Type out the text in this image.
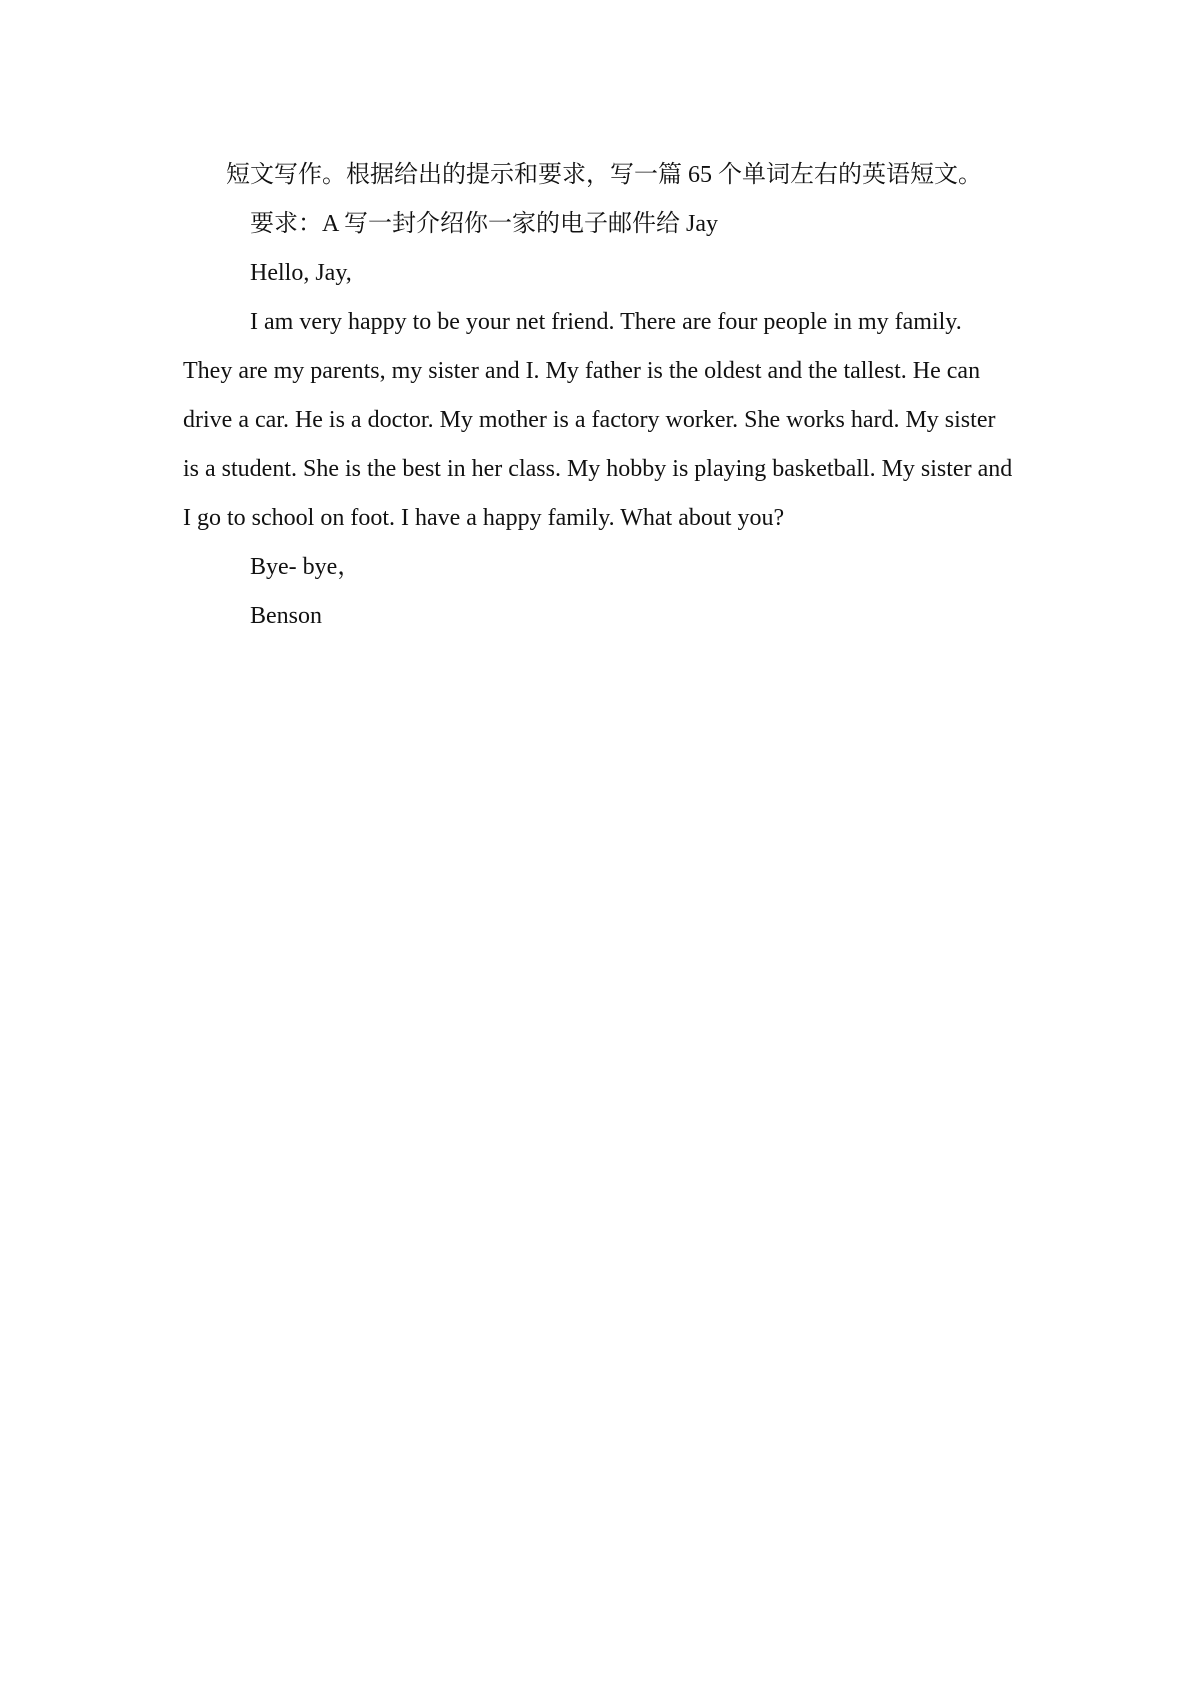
短文写作。根据给出的提示和要求，写一篇 65 个单词左右的英语短文。
要求：A 写一封介绍你一家的电子邮件给 Jay
Hello, Jay,
I am very happy to be your net friend. There are four people in my family.
They are my parents, my sister and I. My father is the oldest and the tallest. He can
drive a car. He is a doctor. My mother is a factory worker. She works hard. My sister
is a student. She is the best in her class. My hobby is playing basketball. My sister and
I go to school on foot. I have a happy family. What about you?
Bye- bye，
Benson
